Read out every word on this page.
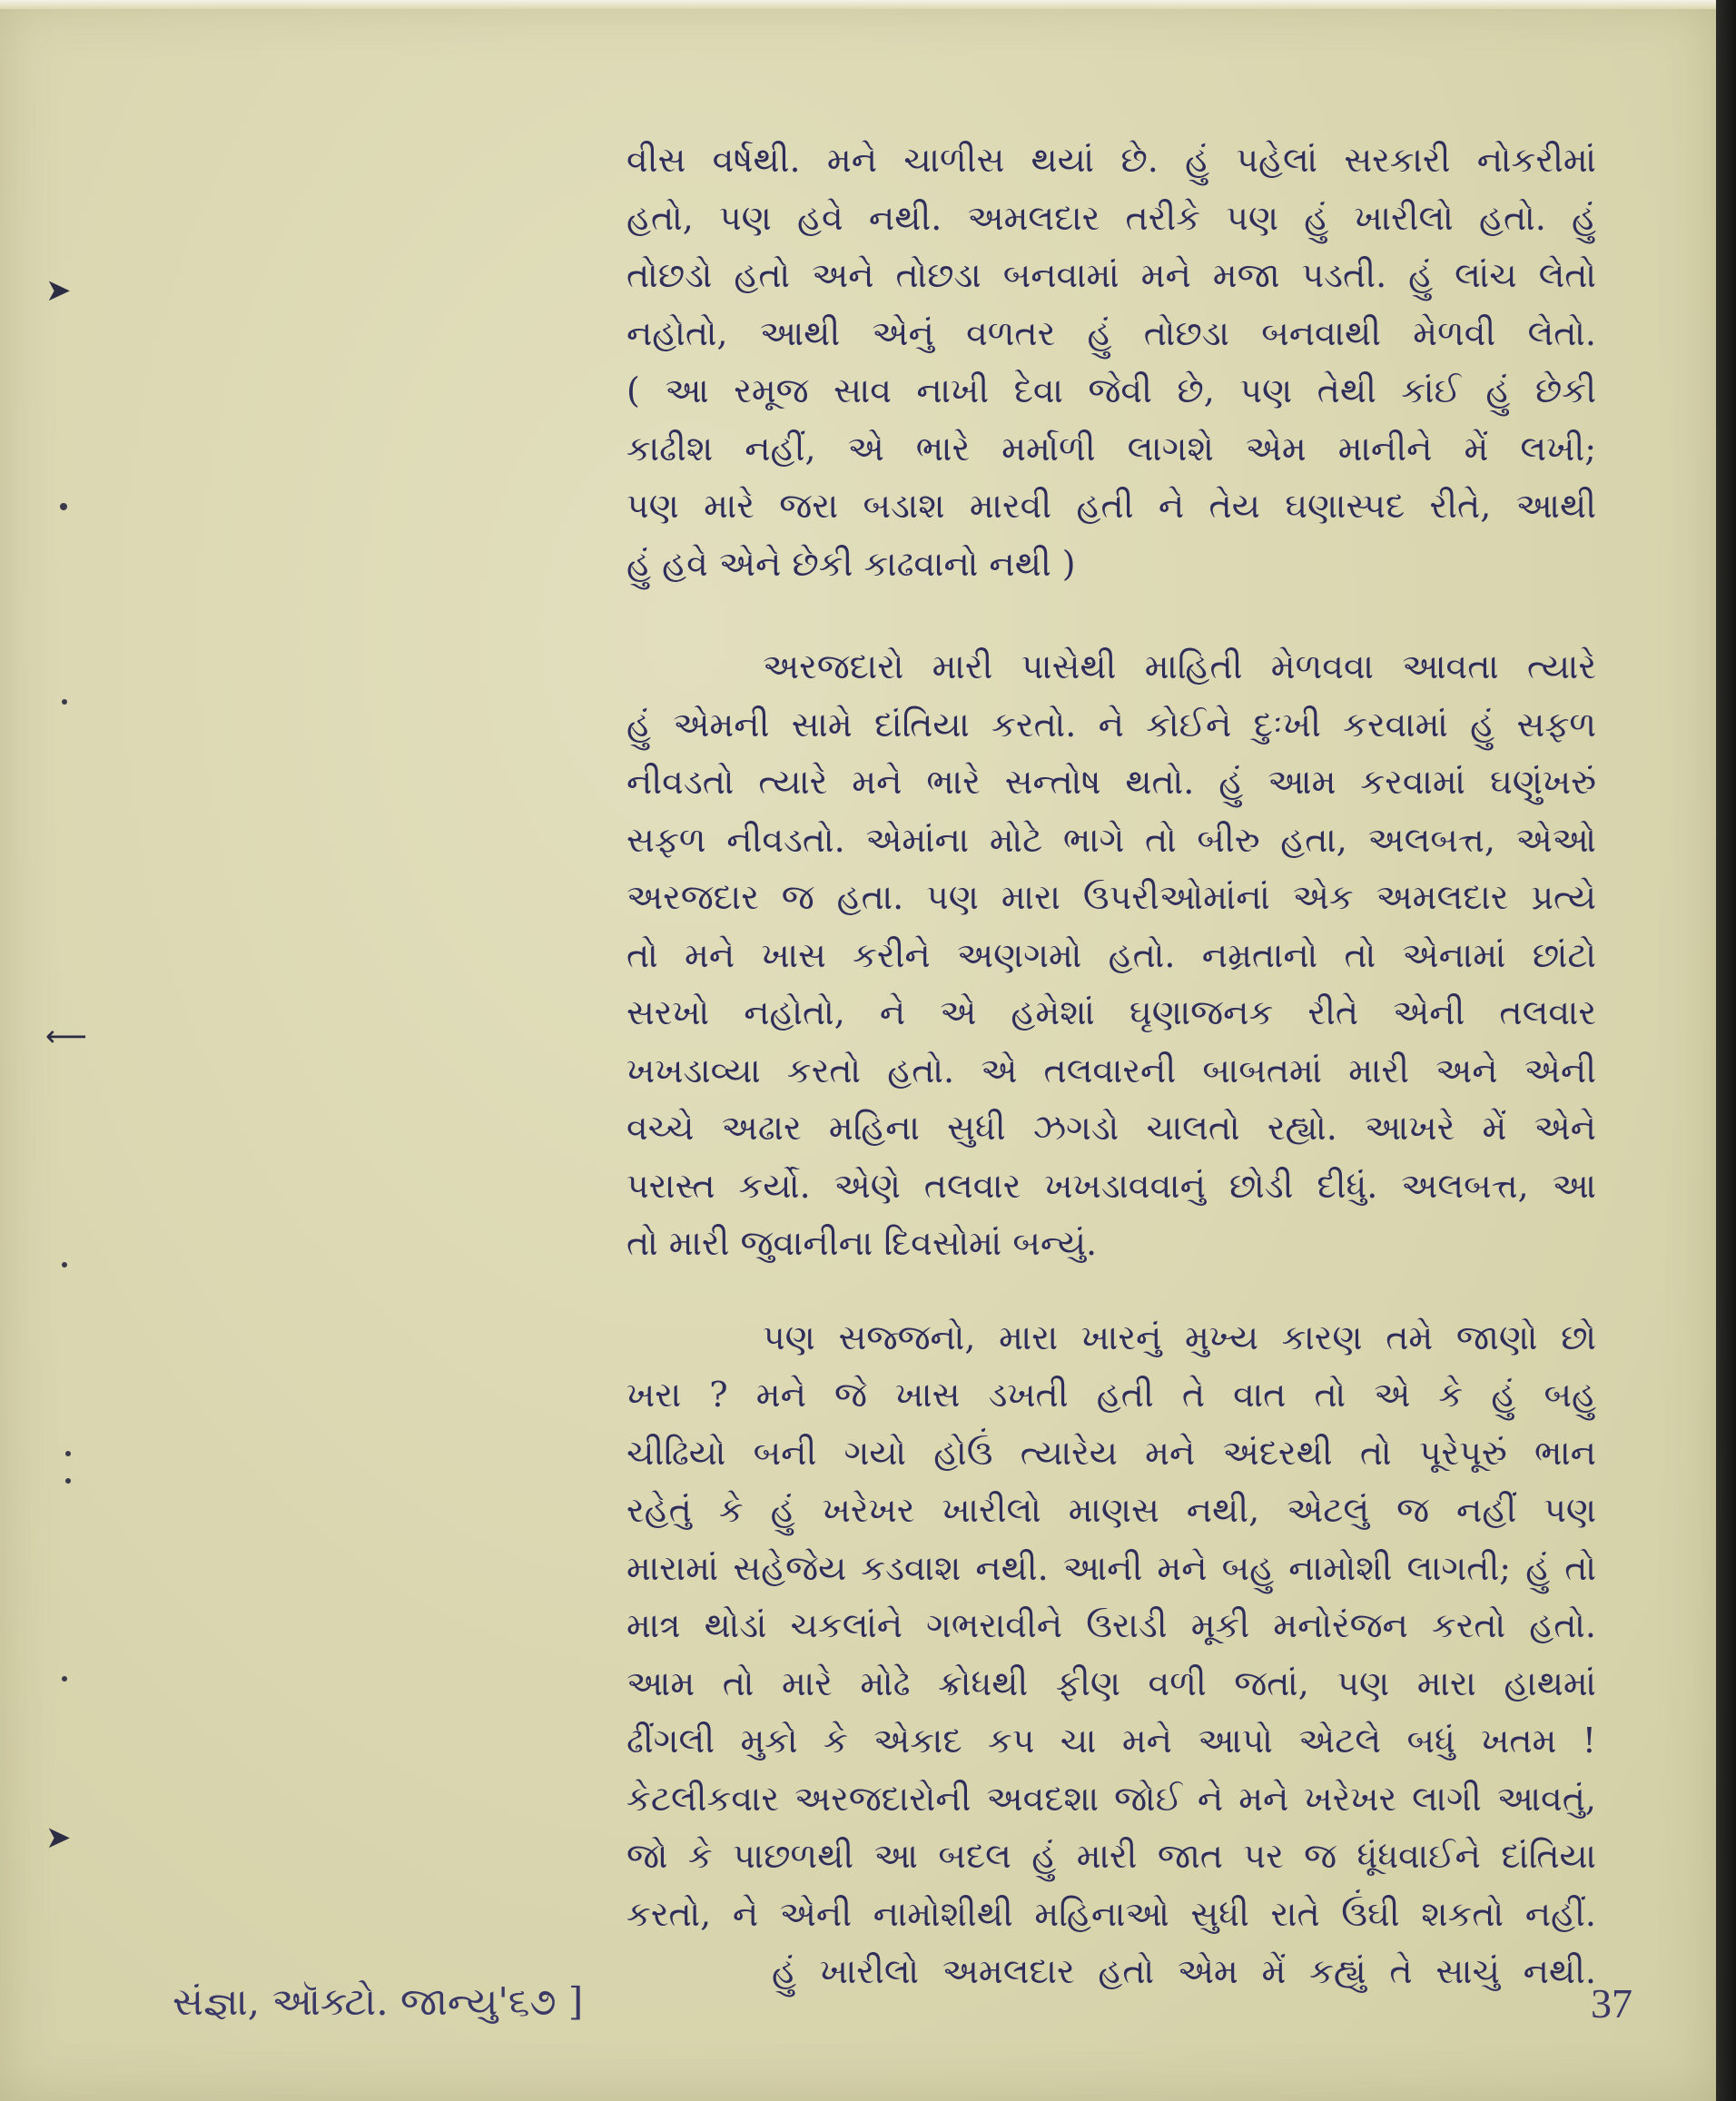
➤
⟵
➤
વીસ વર્ષથી. મને ચાળીસ થયાં છે. હું પહેલાં સરકારી નોકરીમાં
હતો, પણ હવે નથી. અમલદાર તરીકે પણ હું ખારીલો હતો. હું
તોછડો હતો અને તોછડા બનવામાં મને મજા પડતી. હું લાંચ લેતો
નહોતો, આથી એનું વળતર હું તોછડા બનવાથી મેળવી લેતો.
( આ રમૂજ સાવ નાખી દેવા જેવી છે, પણ તેથી કાંઈ હું છેકી
કાઢીશ નહીં, એ ભારે મર્માળી લાગશે એમ માનીને મેં લખી;
પણ મારે જરા બડાશ મારવી હતી ને તેય ઘણાસ્પદ રીતે, આથી
હું હવે એને છેકી કાઢવાનો નથી )
અરજદારો મારી પાસેથી માહિતી મેળવવા આવતા ત્યારે
હું એમની સામે દાંતિયા કરતો. ને કોઈને દુઃખી કરવામાં હું સફળ
નીવડતો ત્યારે મને ભારે સન્તોષ થતો. હું આમ કરવામાં ઘણુંખરું
સફળ નીવડતો. એમાંના મોટે ભાગે તો બીરુ હતા, અલબત્ત, એઓ
અરજદાર જ હતા. પણ મારા ઉપરીઓમાંનાં એક અમલદાર પ્રત્યે
તો મને ખાસ કરીને અણગમો હતો. નમ્રતાનો તો એનામાં છાંટો
સરખો નહોતો, ને એ હમેશાં ઘૃણાજનક રીતે એની તલવાર
ખખડાવ્યા કરતો હતો. એ તલવારની બાબતમાં મારી અને એની
વચ્ચે અઢાર મહિના સુધી ઝગડો ચાલતો રહ્યો. આખરે મેં એને
પરાસ્ત કર્યો. એણે તલવાર ખખડાવવાનું છોડી દીધું. અલબત્ત, આ
તો મારી જુવાનીના દિવસોમાં બન્યું.
પણ સજ્જનો, મારા ખારનું મુખ્ય કારણ તમે જાણો છો
ખરા ? મને જે ખાસ ડખતી હતી તે વાત તો એ કે હું બહુ
ચીઢિયો બની ગયો હોઉં ત્યારેય મને અંદરથી તો પૂરેપૂરું ભાન
રહેતું કે હું ખરેખર ખારીલો માણસ નથી, એટલું જ નહીં પણ
મારામાં સહેજેય કડવાશ નથી. આની મને બહુ નામોશી લાગતી; હું તો
માત્ર થોડાં ચકલાંને ગભરાવીને ઉરાડી મૂકી મનોરંજન કરતો હતો.
આમ તો મારે મોઢે ક્રોધથી ફીણ વળી જતાં, પણ મારા હાથમાં
ઢીંગલી મુકો કે એકાદ કપ ચા મને આપો એટલે બધું ખતમ !
કેટલીકવાર અરજદારોની અવદશા જોઈ ને મને ખરેખર લાગી આવતું,
જો કે પાછળથી આ બદલ હું મારી જાત પર જ ધૂંધવાઈને દાંતિયા
કરતો, ને એની નામોશીથી મહિનાઓ સુધી રાતે ઉંઘી શકતો નહીં.
હું ખારીલો અમલદાર હતો એમ મેં કહ્યું તે સાચું નથી.
સંજ્ઞા, ઑક્ટો. જાન્યુ'૬૭ ]	37
